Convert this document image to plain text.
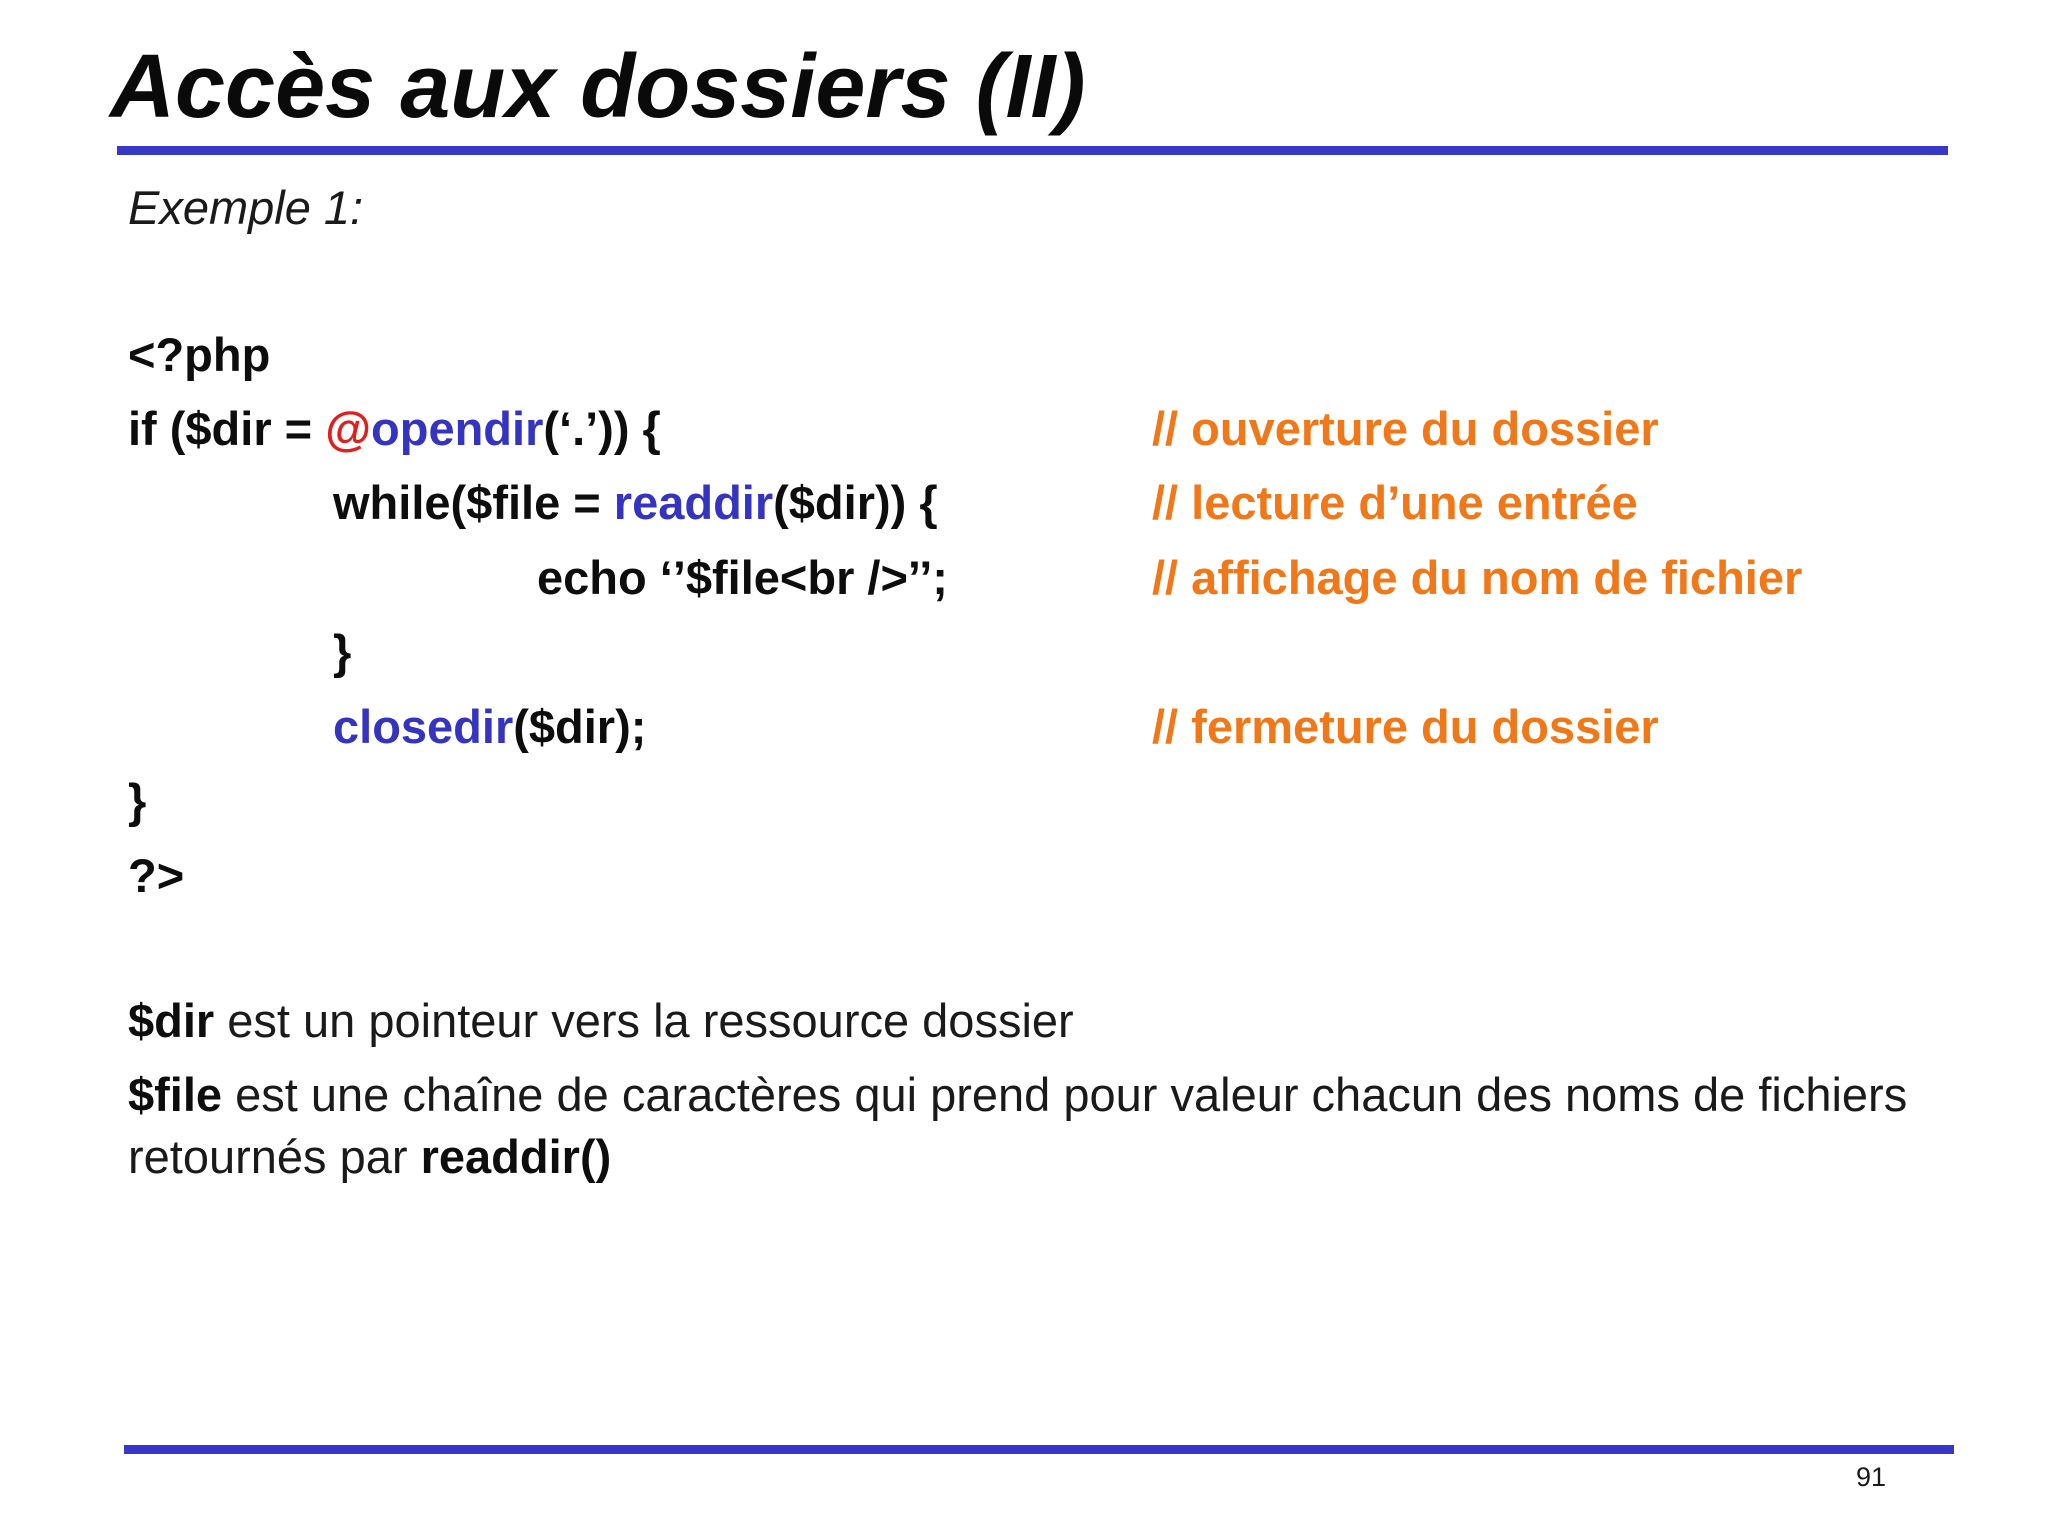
Accès aux dossiers (II)
Exemple 1:
<?php
if ($dir = @opendir(‘.’)) {	// ouverture du dossier
while($file = readdir($dir)) {	// lecture d’une entrée
echo ‘’$file<br />’’;	// affichage du nom de fichier
}
closedir($dir);	// fermeture du dossier
}
?>
$dir est un pointeur vers la ressource dossier
$file est une chaîne de caractères qui prend pour valeur chacun des noms de fichiers retournés par readdir()
91
